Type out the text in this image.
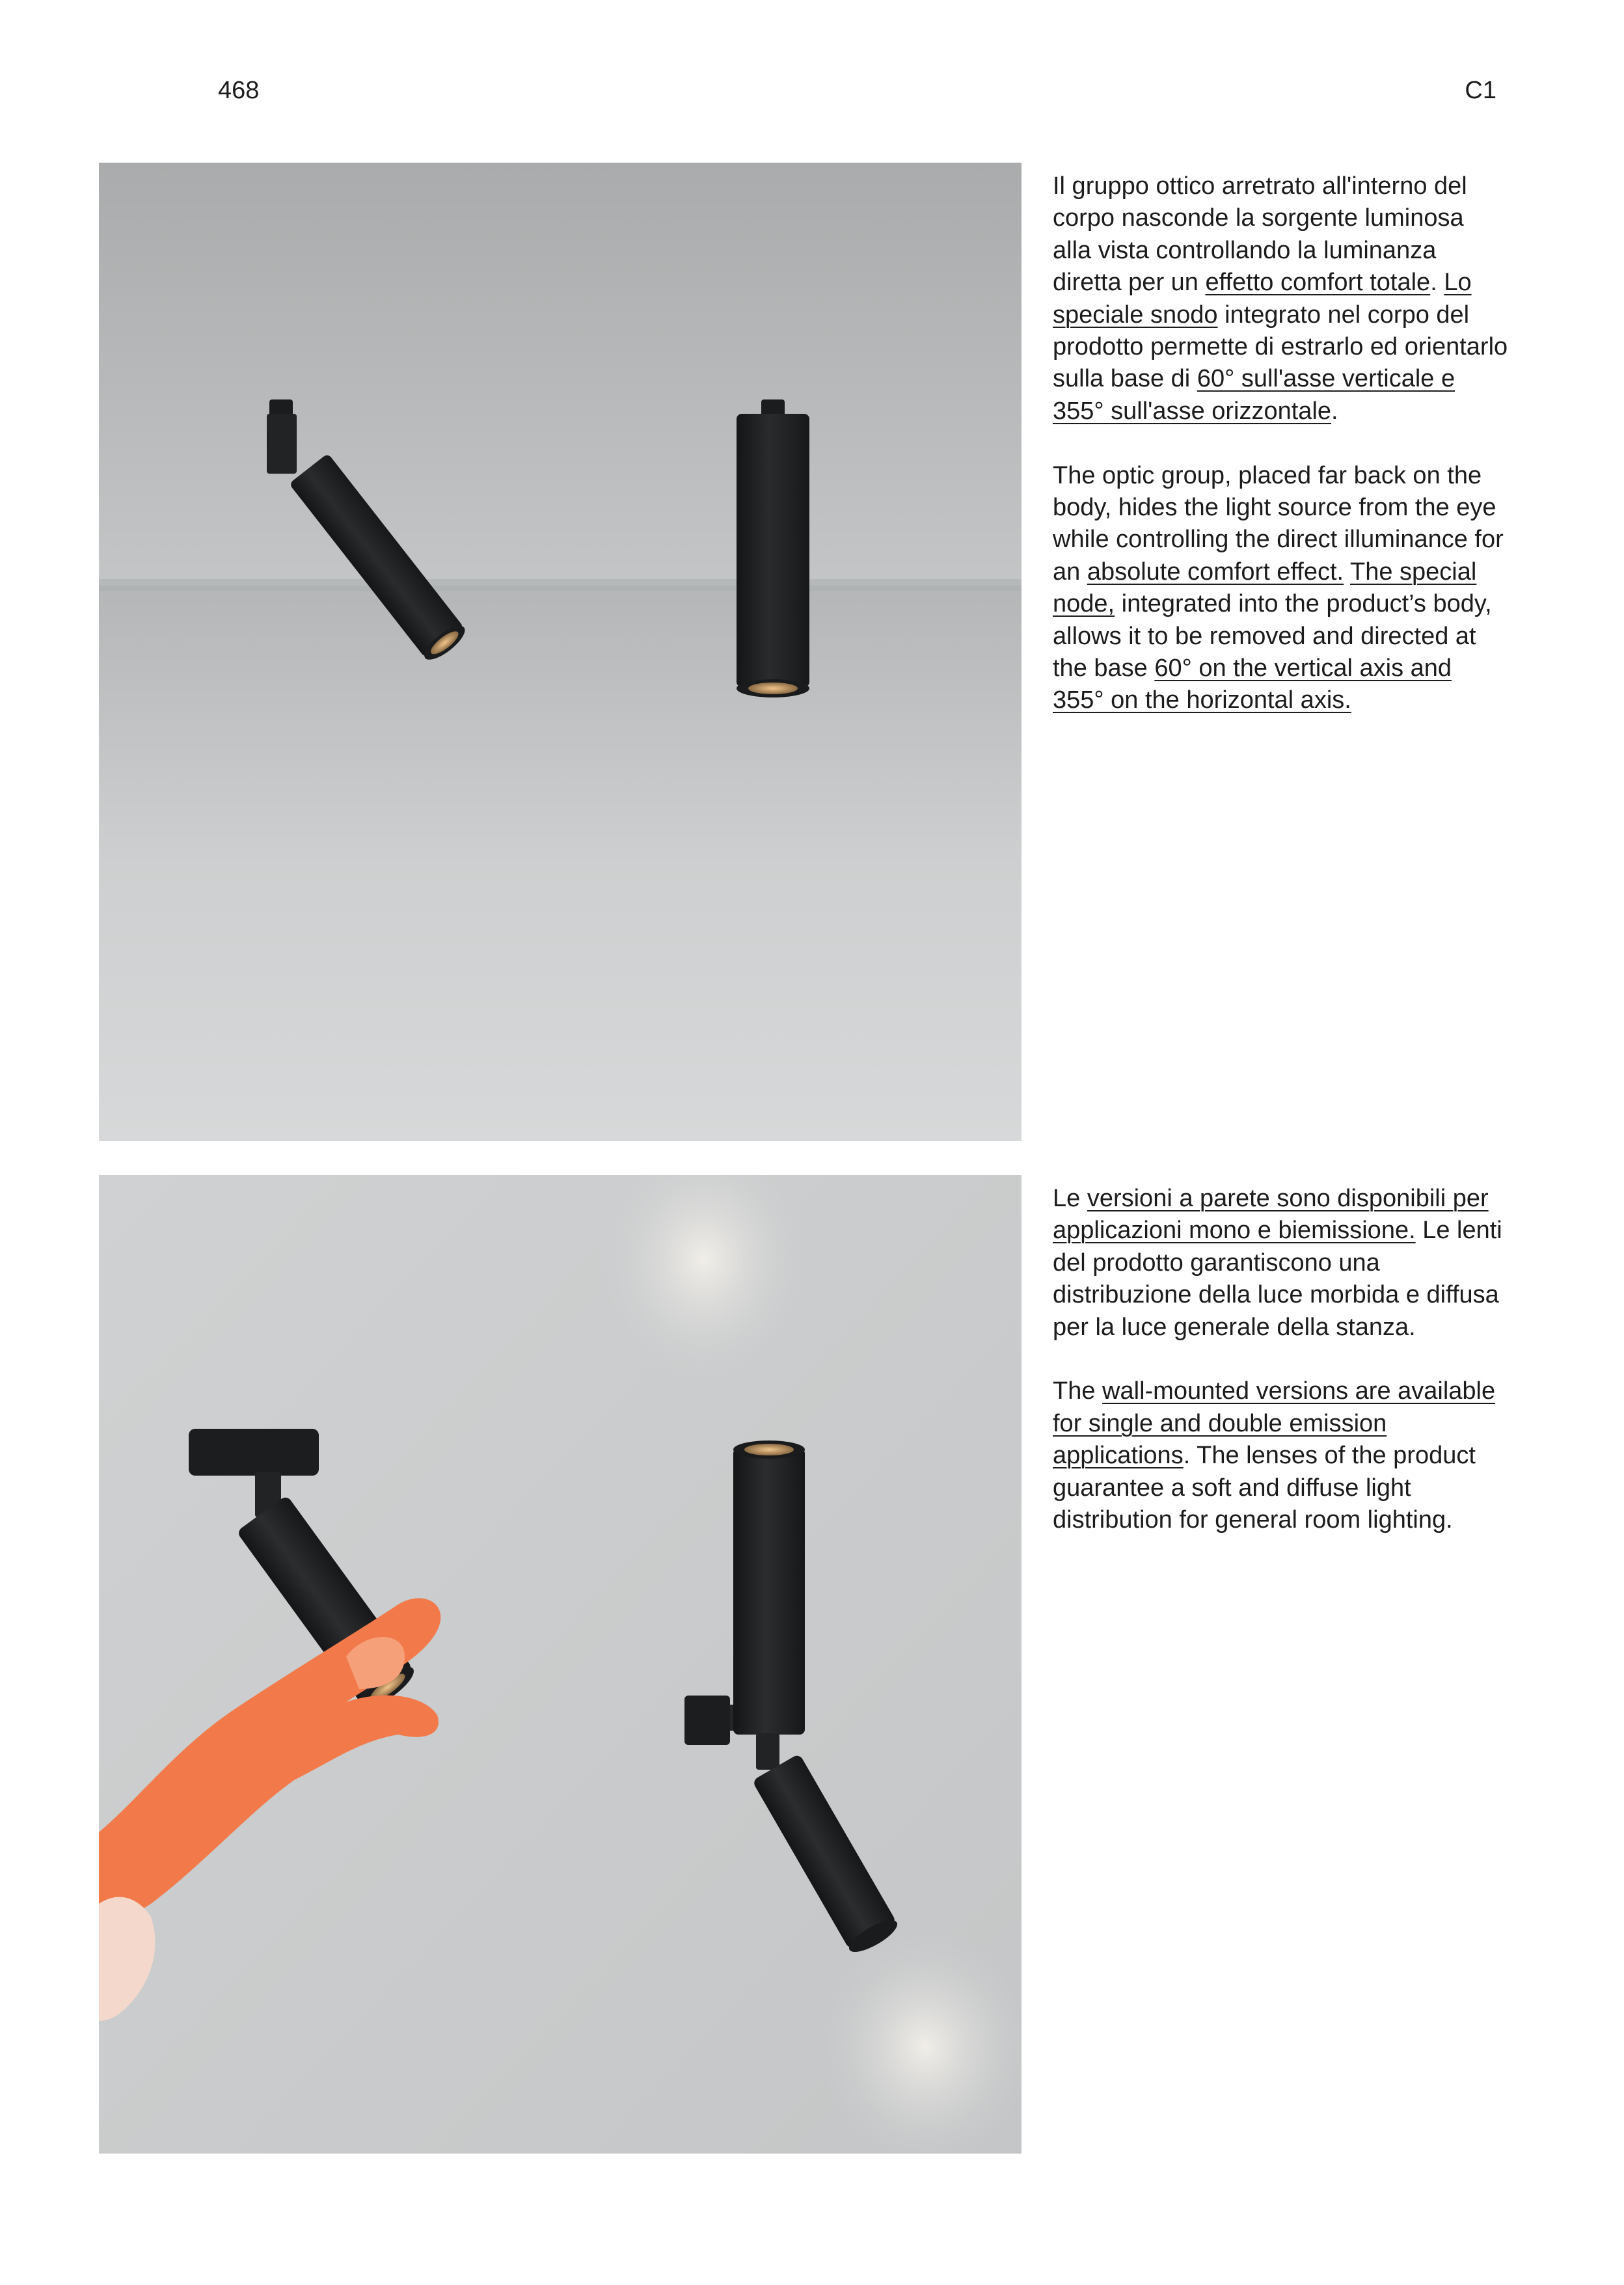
468	C1

Il gruppo ottico arretrato all'interno del corpo nasconde la sorgente luminosa alla vista controllando la luminanza diretta per un effetto comfort totale. Lo speciale snodo integrato nel corpo del prodotto permette di estrarlo ed orientarlo sulla base di 60° sull'asse verticale e 355° sull'asse orizzontale.

The optic group, placed far back on the body, hides the light source from the eye while controlling the direct illuminance for an absolute comfort effect. The special node, integrated into the product’s body, allows it to be removed and directed at the base 60° on the vertical axis and 355° on the horizontal axis.

Le versioni a parete sono disponibili per applicazioni mono e biemissione. Le lenti del prodotto garantiscono una distribuzione della luce morbida e diffusa per la luce generale della stanza.

The wall-mounted versions are available for single and double emission applications. The lenses of the product guarantee a soft and diffuse light distribution for general room lighting.
